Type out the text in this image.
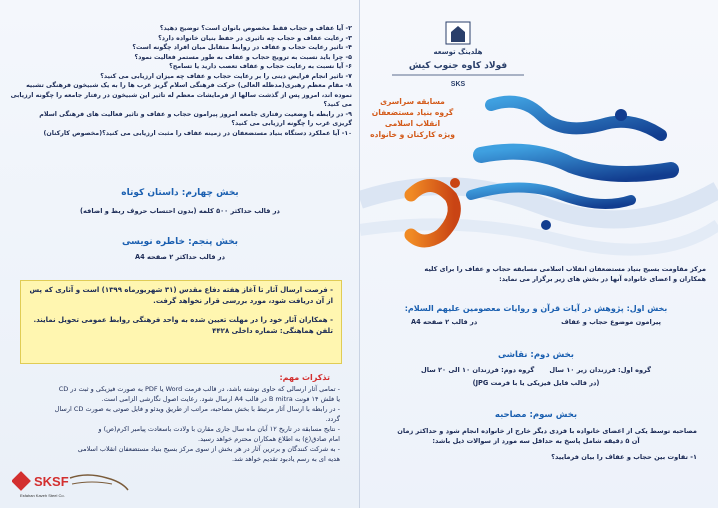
۲- آیا عفاف و حجاب فقط مخصوص بانوان است؟ توضیح دهید؟
۳- رعایت عفاف و حجاب چه تاثیری در حفظ بنیان خانواده دارد؟
۴- تاثیر رعایت حجاب و عفاف در روابط متقابل میان افراد چگونه است؟
۵- چرا باید نسبت به ترویج حجاب و عفاف به طور مستمر فعالیت نمود؟
۶- آیا نسبت به رعایت حجاب و عفاف تعصب دارید یا تسامح؟
۷- تاثیر انجام فرایض دینی را بر رعایت حجاب و عفاف چه میزان ارزیابی می کنید؟
۸- مقام معظم رهبری(مدظله العالی) حرکت فرهنگی اسلام گریز غرب ها را به یک شبیخون فرهنگی تشبیه
نموده اند، امروز پس از گذشت سالها از فرمایشات معظم له تاثیر این شبیخون در رفتار جامعه را چگونه ارزیابی
می کنید؟
۹- در رابطه با وضعیت رفتاری جامعه امروز پیرامون حجاب و عفاف و تاثیر فعالیت های فرهنگی اسلام
گریزی غرب را چگونه ارزیابی می کنید؟
۱۰- آیا عملکرد دستگاه بنیاد مستضعفان در زمینه عفاف را مثبت ارزیابی می کنید؟(مخصوص کارکنان)
بخش چهارم: داستان کوتاه
در قالب حداکثر ۵۰۰ کلمه (بدون احتساب حروف ربط و اضافه)
بخش پنجم: خاطره نویسی
در قالب حداکثر ۲ صفحه A4
- فرصت ارسال آثار تا آغاز هفته دفاع مقدس (۳۱ شهریورماه ۱۳۹۹) است و آثاری که پس
از آن دریافت شود، مورد بررسی قرار نخواهد گرفت.
- همکاران آثار خود را در مهلت تعیین شده به واحد فرهنگی روابط عمومی تحویل نمایند.
تلفن هماهنگی: شماره داخلی ۴۴۲۸
تذکرات مهم:
- تمامی آثار ارسالی که حاوی نوشته باشد، در قالب فرمت Word یا PDF به صورت فیزیکی و ثبت در CD
یا فلش ۱۴ فونت B mitra در قالب A4 ارسال شود. رعایت اصول نگارشی الزامی است.
- در رابطه با ارسال آثار مرتبط با بخش مصاحبه، مراتب از طریق ویدئو و فایل صوتی به صورت CD ارسال
گردد.
- نتایج مسابقه در تاریخ ۱۲ آبان ماه سال جاری مقارن با ولادت باسعادت پیامبر اکرم(ص) و
امام صادق(ع) به اطلاع همکاران محترم خواهد رسید.
- به شرکت کنندگان و برترین آثار در هر بخش از سوی مرکز بسیج بنیاد مستضعفان انقلاب اسلامی
هدیه ای به رسم یادبود تقدیم خواهد شد.
SKSF
Esfahan Kaveh Steel Co.
هلدینگ توسعه
فولاد کاوه جنوب کیش
SKS
مسابقه سراسری
گروه بنیاد مستضعفان انقلاب اسلامی
ویژه کارکنان و خانواده
مرکز مقاومت بسیج بنیاد مستضعفان انقلاب اسلامی مسابقه حجاب و عفاف را برای کلیه
همکاران و اعضای خانواده آنها در بخش های زیر برگزار می نماید:
بخش اول: پژوهش در آیات قرآن و روایات معصومین علیهم السلام:
پیرامون موضوع حجاب و عفاف
در قالب ۲ صفحه A4
بخش دوم: نقاشی
گروه اول: فرزندان زیر ۱۰ سال
گروه دوم: فرزندان ۱۰ الی ۲۰ سال
(در قالب فایل فیزیکی یا با فرمت JPG)
بخش سوم: مصاحبه
مصاحبه توسط یکی از اعضای خانواده با فردی دیگر خارج از خانواده انجام شود و حداکثر زمان
آن ۵ دقیقه شامل پاسخ به حداقل سه مورد از سوالات ذیل باشد:
۱- تفاوت بین حجاب و عفاف را بیان فرمایید؟
